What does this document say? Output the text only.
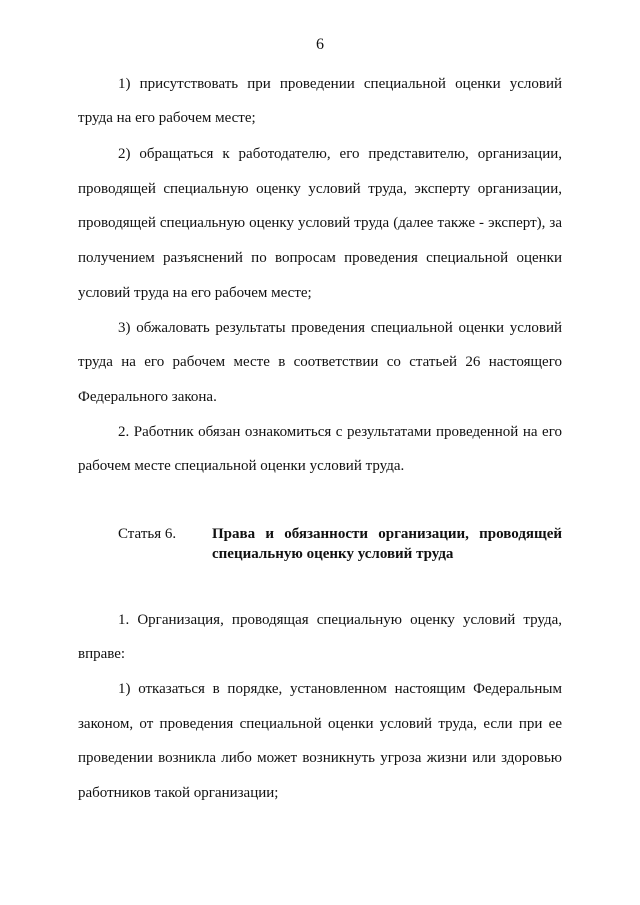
6
1) присутствовать при проведении специальной оценки условий
труда на его рабочем месте;
2) обращаться к работодателю, его представителю, организации,
проводящей специальную оценку условий труда, эксперту организации,
проводящей специальную оценку условий труда (далее также - эксперт), за
получением разъяснений по вопросам проведения специальной оценки
условий труда на его рабочем месте;
3) обжаловать результаты проведения специальной оценки условий
труда на его рабочем месте в соответствии со статьей 26 настоящего
Федерального закона.
2. Работник обязан ознакомиться с результатами проведенной на его
рабочем месте специальной оценки условий труда.
Статья 6. Права и обязанности организации, проводящей
специальную оценку условий труда
1. Организация, проводящая специальную оценку условий труда,
вправе:
1) отказаться в порядке, установленном настоящим Федеральным
законом, от проведения специальной оценки условий труда, если при ее
проведении возникла либо может возникнуть угроза жизни или здоровью
работников такой организации;
